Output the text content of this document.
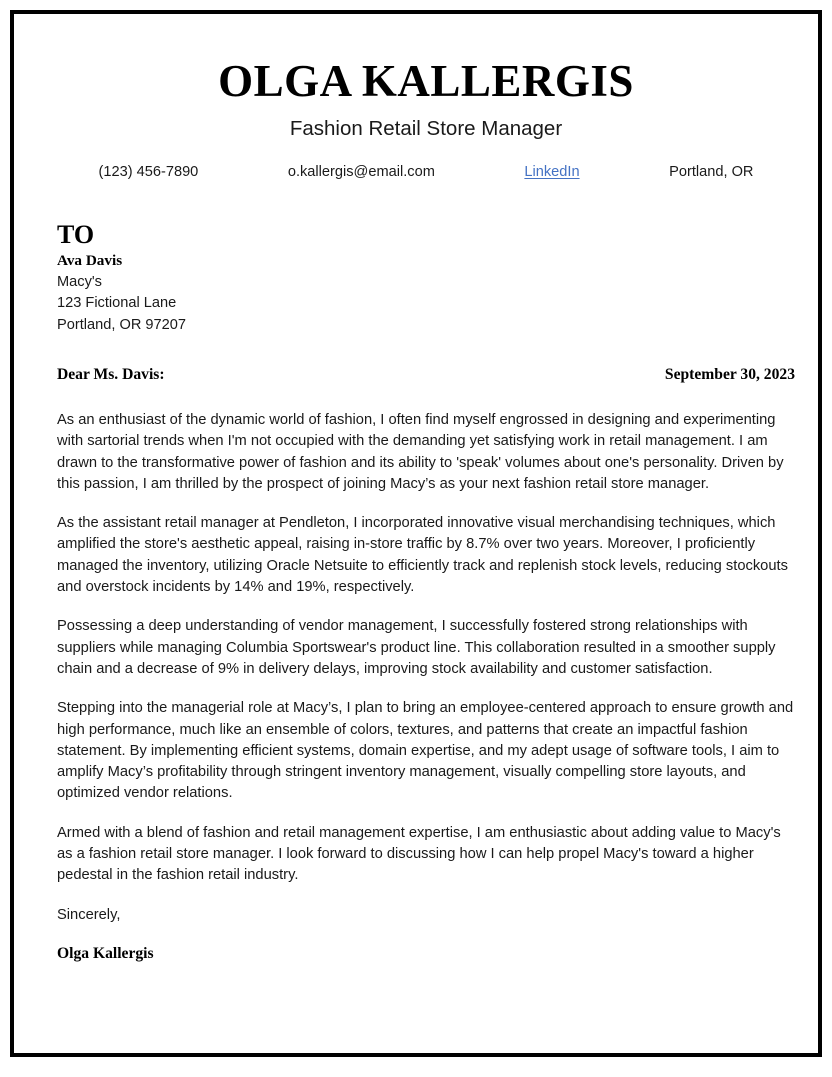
OLGA KALLERGIS
Fashion Retail Store Manager
(123) 456-7890	o.kallergis@email.com	LinkedIn	Portland, OR
TO
Ava Davis
Macy's
123 Fictional Lane
Portland, OR 97207
Dear Ms. Davis:	September 30, 2023

As an enthusiast of the dynamic world of fashion, I often find myself engrossed in designing and experimenting with sartorial trends when I'm not occupied with the demanding yet satisfying work in retail management. I am drawn to the transformative power of fashion and its ability to 'speak' volumes about one's personality. Driven by this passion, I am thrilled by the prospect of joining Macy’s as your next fashion retail store manager.

As the assistant retail manager at Pendleton, I incorporated innovative visual merchandising techniques, which amplified the store's aesthetic appeal, raising in-store traffic by 8.7% over two years. Moreover, I proficiently managed the inventory, utilizing Oracle Netsuite to efficiently track and replenish stock levels, reducing stockouts and overstock incidents by 14% and 19%, respectively.

Possessing a deep understanding of vendor management, I successfully fostered strong relationships with suppliers while managing Columbia Sportswear's product line. This collaboration resulted in a smoother supply chain and a decrease of 9% in delivery delays, improving stock availability and customer satisfaction.

Stepping into the managerial role at Macy’s, I plan to bring an employee-centered approach to ensure growth and high performance, much like an ensemble of colors, textures, and patterns that create an impactful fashion statement. By implementing efficient systems, domain expertise, and my adept usage of software tools, I aim to amplify Macy’s profitability through stringent inventory management, visually compelling store layouts, and optimized vendor relations.

Armed with a blend of fashion and retail management expertise, I am enthusiastic about adding value to Macy's as a fashion retail store manager. I look forward to discussing how I can help propel Macy's toward a higher pedestal in the fashion retail industry.

Sincerely,

Olga Kallergis
